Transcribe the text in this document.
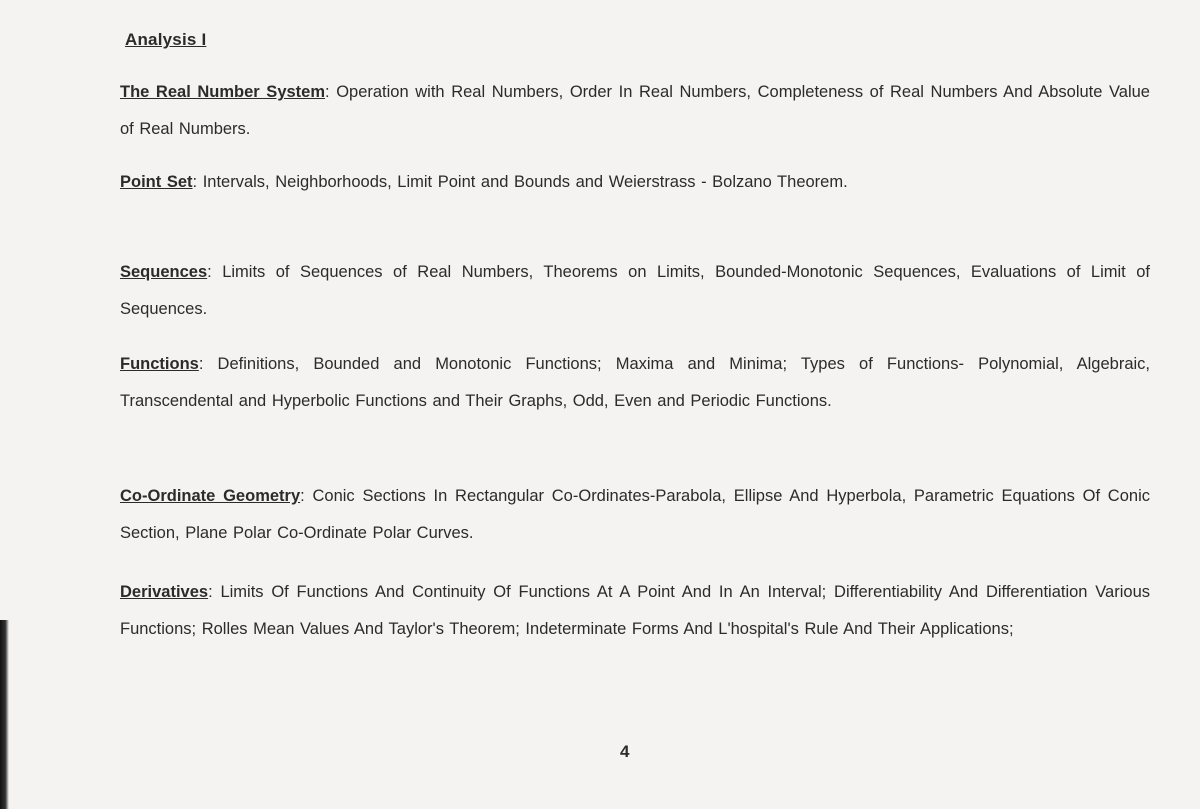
Analysis I
The Real Number System: Operation with Real Numbers, Order In Real Numbers, Completeness of Real Numbers And Absolute Value of Real Numbers.
Point Set: Intervals, Neighborhoods, Limit Point and Bounds and Weierstrass - Bolzano Theorem.
Sequences: Limits of Sequences of Real Numbers, Theorems on Limits, Bounded-Monotonic Sequences, Evaluations of Limit of Sequences.
Functions: Definitions, Bounded and Monotonic Functions; Maxima and Minima; Types of Functions- Polynomial, Algebraic, Transcendental and Hyperbolic Functions and Their Graphs, Odd, Even and Periodic Functions.
Co-Ordinate Geometry: Conic Sections In Rectangular Co-Ordinates-Parabola, Ellipse And Hyperbola, Parametric Equations Of Conic Section, Plane Polar Co-Ordinate Polar Curves.
Derivatives: Limits Of Functions And Continuity Of Functions At A Point And In An Interval; Differentiability And Differentiation Various Functions; Rolles Mean Values And Taylor's Theorem; Indeterminate Forms And L'hospital's Rule And Their Applications;
4
